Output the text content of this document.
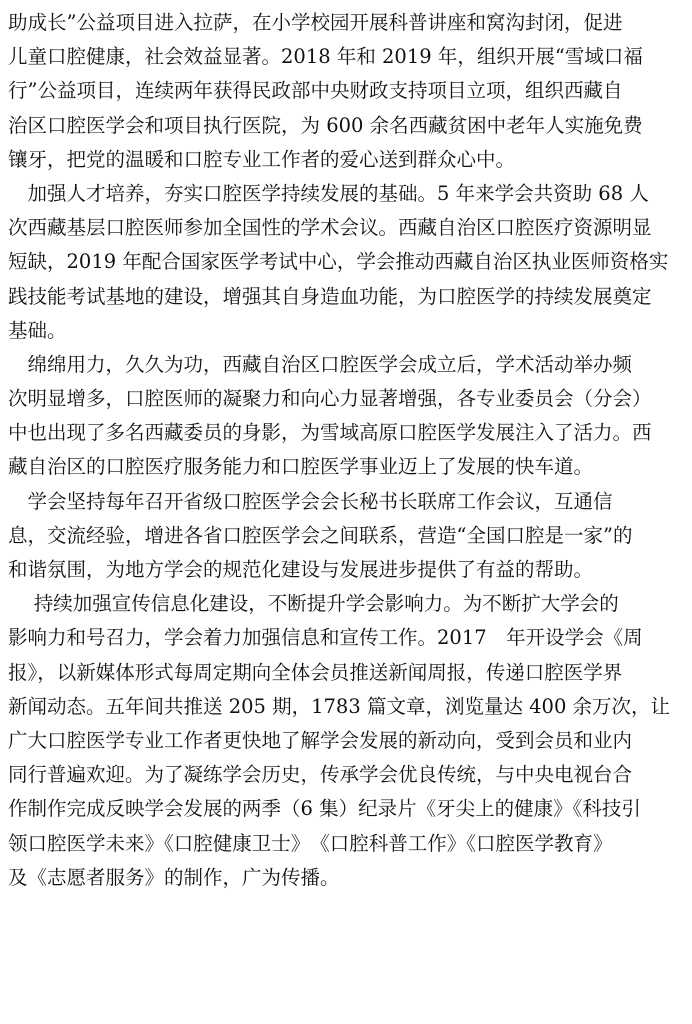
助成长”公益项目进入拉萨，在小学校园开展科普讲座和窝沟封闭，促进
儿童口腔健康，社会效益显著。2018 年和 2019 年，组织开展“雪域口福
行”公益项目，连续两年获得民政部中央财政支持项目立项，组织西藏自
治区口腔医学会和项目执行医院，为 600 余名西藏贫困中老年人实施免费
镶牙，把党的温暖和口腔专业工作者的爱心送到群众心中。
　加强人才培养，夯实口腔医学持续发展的基础。5 年来学会共资助 68 人
次西藏基层口腔医师参加全国性的学术会议。西藏自治区口腔医疗资源明显
短缺，2019 年配合国家医学考试中心，学会推动西藏自治区执业医师资格实
践技能考试基地的建设，增强其自身造血功能，为口腔医学的持续发展奠定
基础。
　绵绵用力，久久为功，西藏自治区口腔医学会成立后，学术活动举办频
次明显增多，口腔医师的凝聚力和向心力显著增强，各专业委员会（分会）
中也出现了多名西藏委员的身影，为雪域高原口腔医学发展注入了活力。西
藏自治区的口腔医疗服务能力和口腔医学事业迈上了发展的快车道。
　学会坚持每年召开省级口腔医学会会长秘书长联席工作会议，互通信
息，交流经验，增进各省口腔医学会之间联系，营造“全国口腔是一家”的
和谐氛围，为地方学会的规范化建设与发展进步提供了有益的帮助。
　 持续加强宣传信息化建设，不断提升学会影响力。为不断扩大学会的
影响力和号召力，学会着力加强信息和宣传工作。2017　年开设学会《周
报》，以新媒体形式每周定期向全体会员推送新闻周报，传递口腔医学界
新闻动态。五年间共推送 205 期，1783 篇文章，浏览量达 400 余万次，让
广大口腔医学专业工作者更快地了解学会发展的新动向，受到会员和业内
同行普遍欢迎。为了凝练学会历史，传承学会优良传统，与中央电视台合
作制作完成反映学会发展的两季（6 集）纪录片《牙尖上的健康》《科技引
领口腔医学未来》《口腔健康卫士》　《口腔科普工作》《口腔医学教育》
及《志愿者服务》的制作，广为传播。
